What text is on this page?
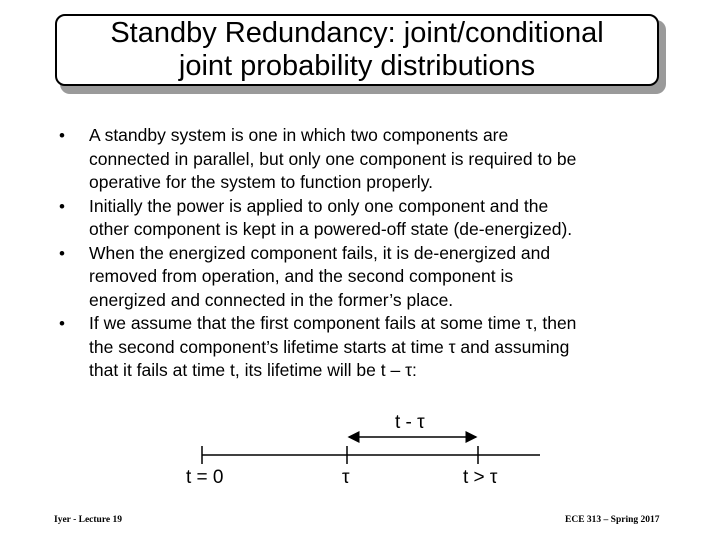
Standby Redundancy: joint/conditional
joint probability distributions
• A standby system is one in which two components are
connected in parallel, but only one component is required to be
operative for the system to function properly.
• Initially the power is applied to only one component and the
other component is kept in a powered-off state (de-energized).
• When the energized component fails, it is de-energized and
removed from operation, and the second component is
energized and connected in the former’s place.
• If we assume that the first component fails at some time τ, then
the second component’s lifetime starts at time τ and assuming
that it fails at time t, its lifetime will be t – τ:
t - τ
t = 0	τ	t > τ
Iyer - Lecture 19	ECE 313 – Spring 2017
